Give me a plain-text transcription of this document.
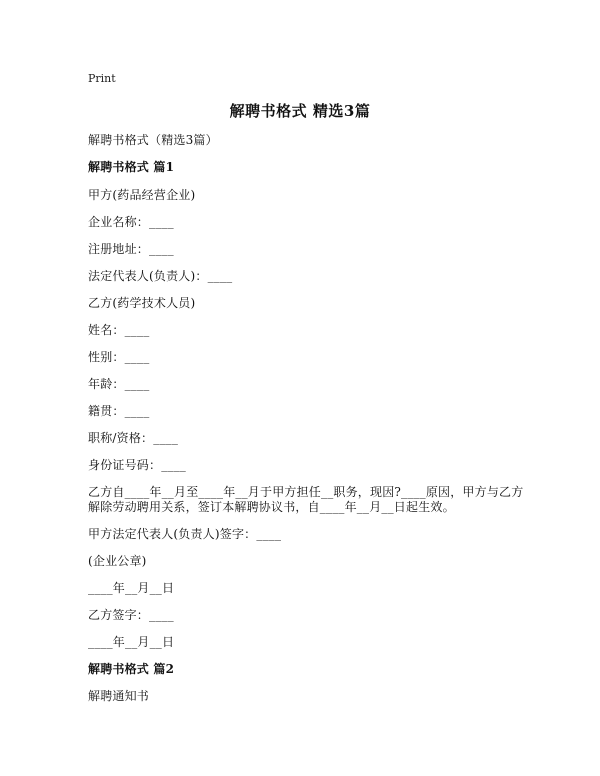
Print
解聘书格式 精选3篇
解聘书格式（精选3篇）
解聘书格式 篇1
甲方(药品经营企业)
企业名称：____
注册地址：____
法定代表人(负责人)：____
乙方(药学技术人员)
姓名：____
性别：____
年龄：____
籍贯：____
职称/资格：____
身份证号码：____
乙方自____年__月至____年__月于甲方担任__职务，现因?____原因，甲方与乙方
解除劳动聘用关系，签订本解聘协议书，自____年__月__日起生效。
甲方法定代表人(负责人)签字：____
(企业公章)
____年__月__日
乙方签字：____
____年__月__日
解聘书格式 篇2
解聘通知书
